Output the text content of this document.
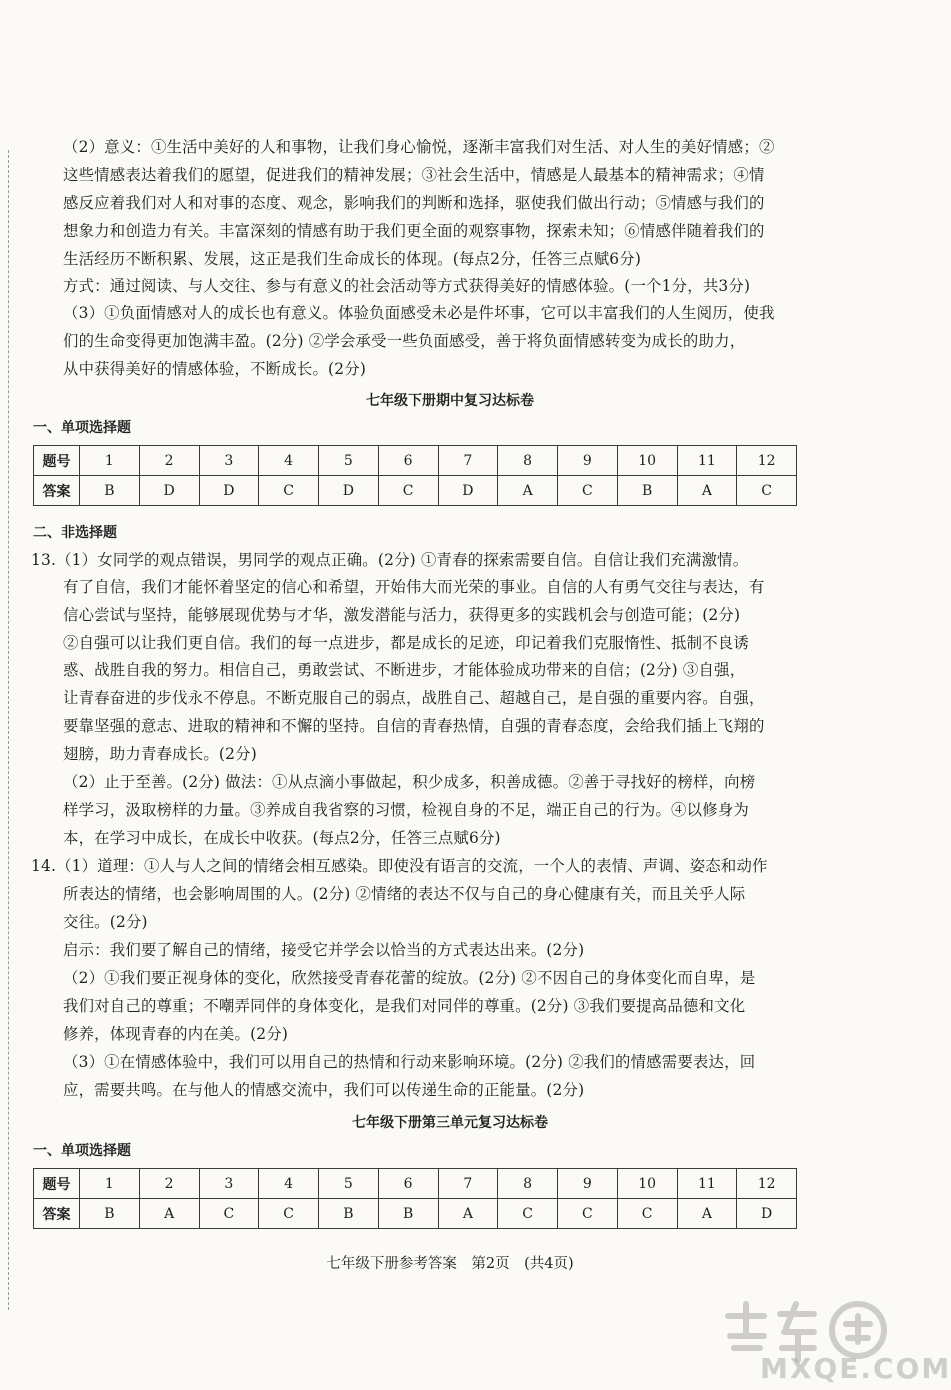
（2）意义：①生活中美好的人和事物，让我们身心愉悦，逐渐丰富我们对生活、对人生的美好情感；②
这些情感表达着我们的愿望，促进我们的精神发展；③社会生活中，情感是人最基本的精神需求；④情
感反应着我们对人和对事的态度、观念，影响我们的判断和选择，驱使我们做出行动；⑤情感与我们的
想象力和创造力有关。丰富深刻的情感有助于我们更全面的观察事物，探索未知；⑥情感伴随着我们的
生活经历不断积累、发展，这正是我们生命成长的体现。(每点2分，任答三点赋6分)
方式：通过阅读、与人交往、参与有意义的社会活动等方式获得美好的情感体验。(一个1分，共3分)
（3）①负面情感对人的成长也有意义。体验负面感受未必是件坏事，它可以丰富我们的人生阅历，使我
们的生命变得更加饱满丰盈。(2分) ②学会承受一些负面感受，善于将负面情感转变为成长的助力，
从中获得美好的情感体验，不断成长。(2分)
七年级下册期中复习达标卷
一、单项选择题
题号	1	2	3	4	5	6	7	8	9	10	11	12
答案	B	D	D	C	D	C	D	A	C	B	A	C
二、非选择题
13.（1）女同学的观点错误，男同学的观点正确。(2分) ①青春的探索需要自信。自信让我们充满激情。
有了自信，我们才能怀着坚定的信心和希望，开始伟大而光荣的事业。自信的人有勇气交往与表达，有
信心尝试与坚持，能够展现优势与才华，激发潜能与活力，获得更多的实践机会与创造可能；(2分)
②自强可以让我们更自信。我们的每一点进步，都是成长的足迹，印记着我们克服惰性、抵制不良诱
惑、战胜自我的努力。相信自己，勇敢尝试、不断进步，才能体验成功带来的自信；(2分) ③自强，
让青春奋进的步伐永不停息。不断克服自己的弱点，战胜自己、超越自己，是自强的重要内容。自强，
要靠坚强的意志、进取的精神和不懈的坚持。自信的青春热情，自强的青春态度，会给我们插上飞翔的
翅膀，助力青春成长。(2分)
（2）止于至善。(2分) 做法：①从点滴小事做起，积少成多，积善成德。②善于寻找好的榜样，向榜
样学习，汲取榜样的力量。③养成自我省察的习惯，检视自身的不足，端正自己的行为。④以修身为
本，在学习中成长，在成长中收获。(每点2分，任答三点赋6分)
14.（1）道理：①人与人之间的情绪会相互感染。即使没有语言的交流，一个人的表情、声调、姿态和动作
所表达的情绪，也会影响周围的人。(2分) ②情绪的表达不仅与自己的身心健康有关，而且关乎人际
交往。(2分)
启示：我们要了解自己的情绪，接受它并学会以恰当的方式表达出来。(2分)
（2）①我们要正视身体的变化，欣然接受青春花蕾的绽放。(2分) ②不因自己的身体变化而自卑，是
我们对自己的尊重；不嘲弄同伴的身体变化，是我们对同伴的尊重。(2分) ③我们要提高品德和文化
修养，体现青春的内在美。(2分)
（3）①在情感体验中，我们可以用自己的热情和行动来影响环境。(2分) ②我们的情感需要表达，回
应，需要共鸣。在与他人的情感交流中，我们可以传递生命的正能量。(2分)
七年级下册第三单元复习达标卷
一、单项选择题
题号	1	2	3	4	5	6	7	8	9	10	11	12
答案	B	A	C	C	B	B	A	C	C	C	A	D
七年级下册参考答案　第2页　(共4页)
MXQE.COM
